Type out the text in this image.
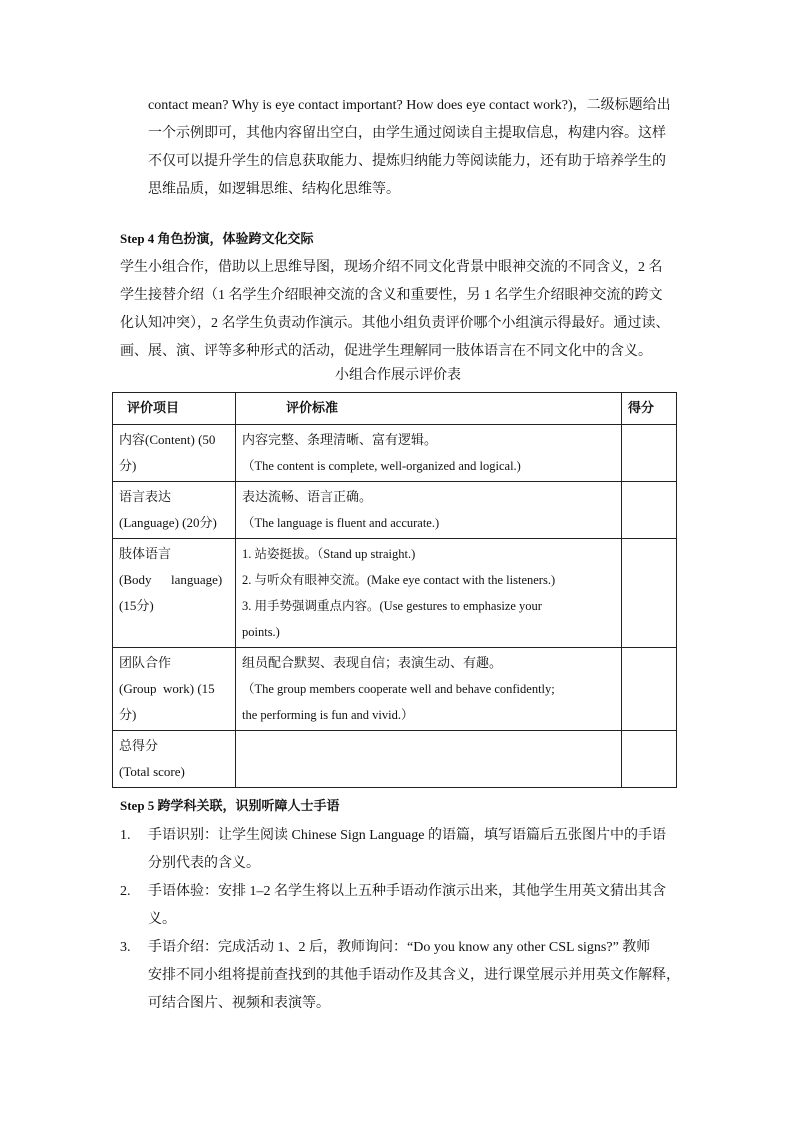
contact mean? Why is eye contact important? How does eye contact work?)，二级标题给出
一个示例即可，其他内容留出空白，由学生通过阅读自主提取信息，构建内容。这样
不仅可以提升学生的信息获取能力、提炼归纳能力等阅读能力，还有助于培养学生的
思维品质，如逻辑思维、结构化思维等。
Step 4 角色扮演，体验跨文化交际
学生小组合作，借助以上思维导图，现场介绍不同文化背景中眼神交流的不同含义，2 名
学生接替介绍（1 名学生介绍眼神交流的含义和重要性，另 1 名学生介绍眼神交流的跨文
化认知冲突），2 名学生负责动作演示。其他小组负责评价哪个小组演示得最好。通过读、
画、展、演、评等多种形式的活动，促进学生理解同一肢体语言在不同文化中的含义。
小组合作展示评价表
评价项目	评价标准	得分

内容(Content) (50
分)	内容完整、条理清晰、富有逻辑。
（The content is complete, well-organized and logical.)	

语言表达
(Language) (20分)	表达流畅、语言正确。
（The language is fluent and accurate.)	

肢体语言
(Body      language)
(15分)	1. 站姿挺拔。（Stand up straight.)
2. 与听众有眼神交流。(Make eye contact with the listeners.)
3. 用手势强调重点内容。(Use gestures to emphasize your
points.)	

团队合作
(Group  work) (15
分)	组员配合默契、表现自信；表演生动、有趣。
（The group members cooperate well and behave confidently;
the performing is fun and vivid.）	

总得分
(Total score)		

Step 5 跨学科关联，识别听障人士手语
1.	手语识别：让学生阅读 Chinese Sign Language 的语篇，填写语篇后五张图片中的手语
分别代表的含义。
2.	手语体验：安排 1–2 名学生将以上五种手语动作演示出来，其他学生用英文猜出其含
义。
3.	手语介绍：完成活动 1、2 后，教师询问：“Do you know any other CSL signs?” 教师
安排不同小组将提前查找到的其他手语动作及其含义，进行课堂展示并用英文作解释，
可结合图片、视频和表演等。
